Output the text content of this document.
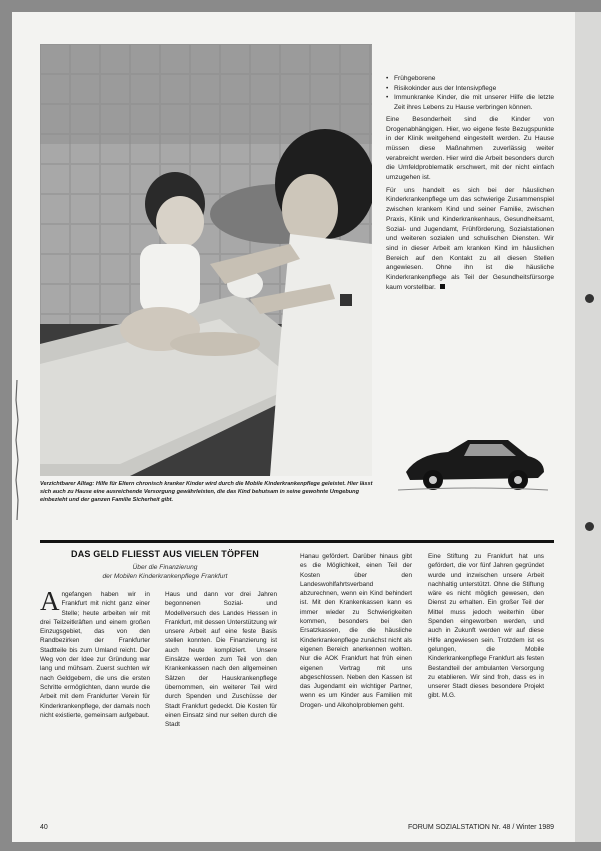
Verzichtbarer Alltag: Hilfe für Eltern chronisch kranker Kinder wird durch die Mobile Kinderkrankenpflege geleistet. Hier lässt sich auch zu Hause eine ausreichende Versorgung gewährleisten, die das Kind behutsam in seine gewohnte Umgebung einbezieht und der ganzen Familie Sicherheit gibt.
• Frühgeborene
• Risikokinder aus der Intensivpflege
• Immunkranke Kinder, die mit unserer Hilfe die letzte Zeit ihres Lebens zu Hause verbringen können.

Eine Besonderheit sind die Kinder von Drogenabhängigen. Hier, wo eigene feste Bezugspunkte in der Klinik weitgehend eingestellt werden. Zu Hause müssen diese Maßnahmen zuverlässig weiter verabreicht werden. Hier wird die Arbeit besonders durch die Umfeldproblematik erschwert, mit der nicht einfach umzugehen ist.

Für uns handelt es sich bei der häuslichen Kinderkrankenpflege um das schwierige Zusammenspiel zwischen krankem Kind und seiner Familie, zwischen Praxis, Klinik und Kinderkrankenhaus, Gesundheitsamt, Sozial- und Jugendamt, Frühförderung, Sozialstationen und weiteren sozialen und schulischen Diensten. Wir sind in dieser Arbeit am kranken Kind im häuslichen Bereich auf den Kontakt zu all diesen Stellen angewiesen. Ohne ihn ist die häusliche Kinderkrankenpflege als Teil der Gesundheitsfürsorge kaum vorstellbar.

DAS GELD FLIESST AUS VIELEN TÖPFEN
Über die Finanzierung
der Mobilen Kinderkrankenpflege Frankfurt

Angefangen haben wir in Frankfurt mit nicht ganz einer Stelle; heute arbeiten wir mit drei Teilzeitkräften und einem großen Einzugsgebiet, das von den Randbezirken der Frankfurter Stadtteile bis zum Umland reicht. Der Weg von der Idee zur Gründung war lang und mühsam. Zuerst suchten wir nach Geldgebern, die uns die ersten Schritte ermöglichten, dann wurde die Arbeit mit dem Frankfurter Verein für Kinderkrankenpflege, der damals noch nicht existierte, gemeinsam aufgebaut.

Haus und dann vor drei Jahren begonnenen Sozial- und Modellversuch des Landes Hessen in Frankfurt, mit dessen Unterstützung wir unsere Arbeit auf eine feste Basis stellen konnten. Die Finanzierung ist auch heute kompliziert. Unsere Einsätze werden zum Teil von den Krankenkassen nach den allgemeinen Sätzen der Hauskrankenpflege übernommen, ein weiterer Teil wird durch Spenden und Zuschüsse der Stadt Frankfurt gedeckt. Die Kosten für einen Einsatz sind nur selten durch die Stadt

Hanau gefördert. Darüber hinaus gibt es die Möglichkeit, einen Teil der Kosten über den Landeswohlfahrtsverband abzurechnen, wenn ein Kind behindert ist. Mit den Krankenkassen kann es immer wieder zu Schwierigkeiten kommen, besonders bei den Ersatzkassen, die die häusliche Kinderkrankenpflege zunächst nicht als eigenen Bereich anerkennen wollten. Nur die AOK Frankfurt hat früh einen eigenen Vertrag mit uns abgeschlossen. Neben den Kassen ist das Jugendamt ein wichtiger Partner, wenn es um Kinder aus Familien mit Drogen- und Alkoholproblemen geht.

Eine Stiftung zu Frankfurt hat uns gefördert, die vor fünf Jahren gegründet wurde und inzwischen unsere Arbeit nachhaltig unterstützt. Ohne die Stiftung wäre es nicht möglich gewesen, den Dienst zu erhalten. Ein großer Teil der Mittel muss jedoch weiterhin über Spenden eingeworben werden, und auch in Zukunft werden wir auf diese Hilfe angewiesen sein. Trotzdem ist es gelungen, die Mobile Kinderkrankenpflege Frankfurt als festen Bestandteil der ambulanten Versorgung zu etablieren. Wir sind froh, dass es in unserer Stadt dieses besondere Projekt gibt. M.G.

40	FORUM SOZIALSTATION Nr. 48 / Winter 1989
